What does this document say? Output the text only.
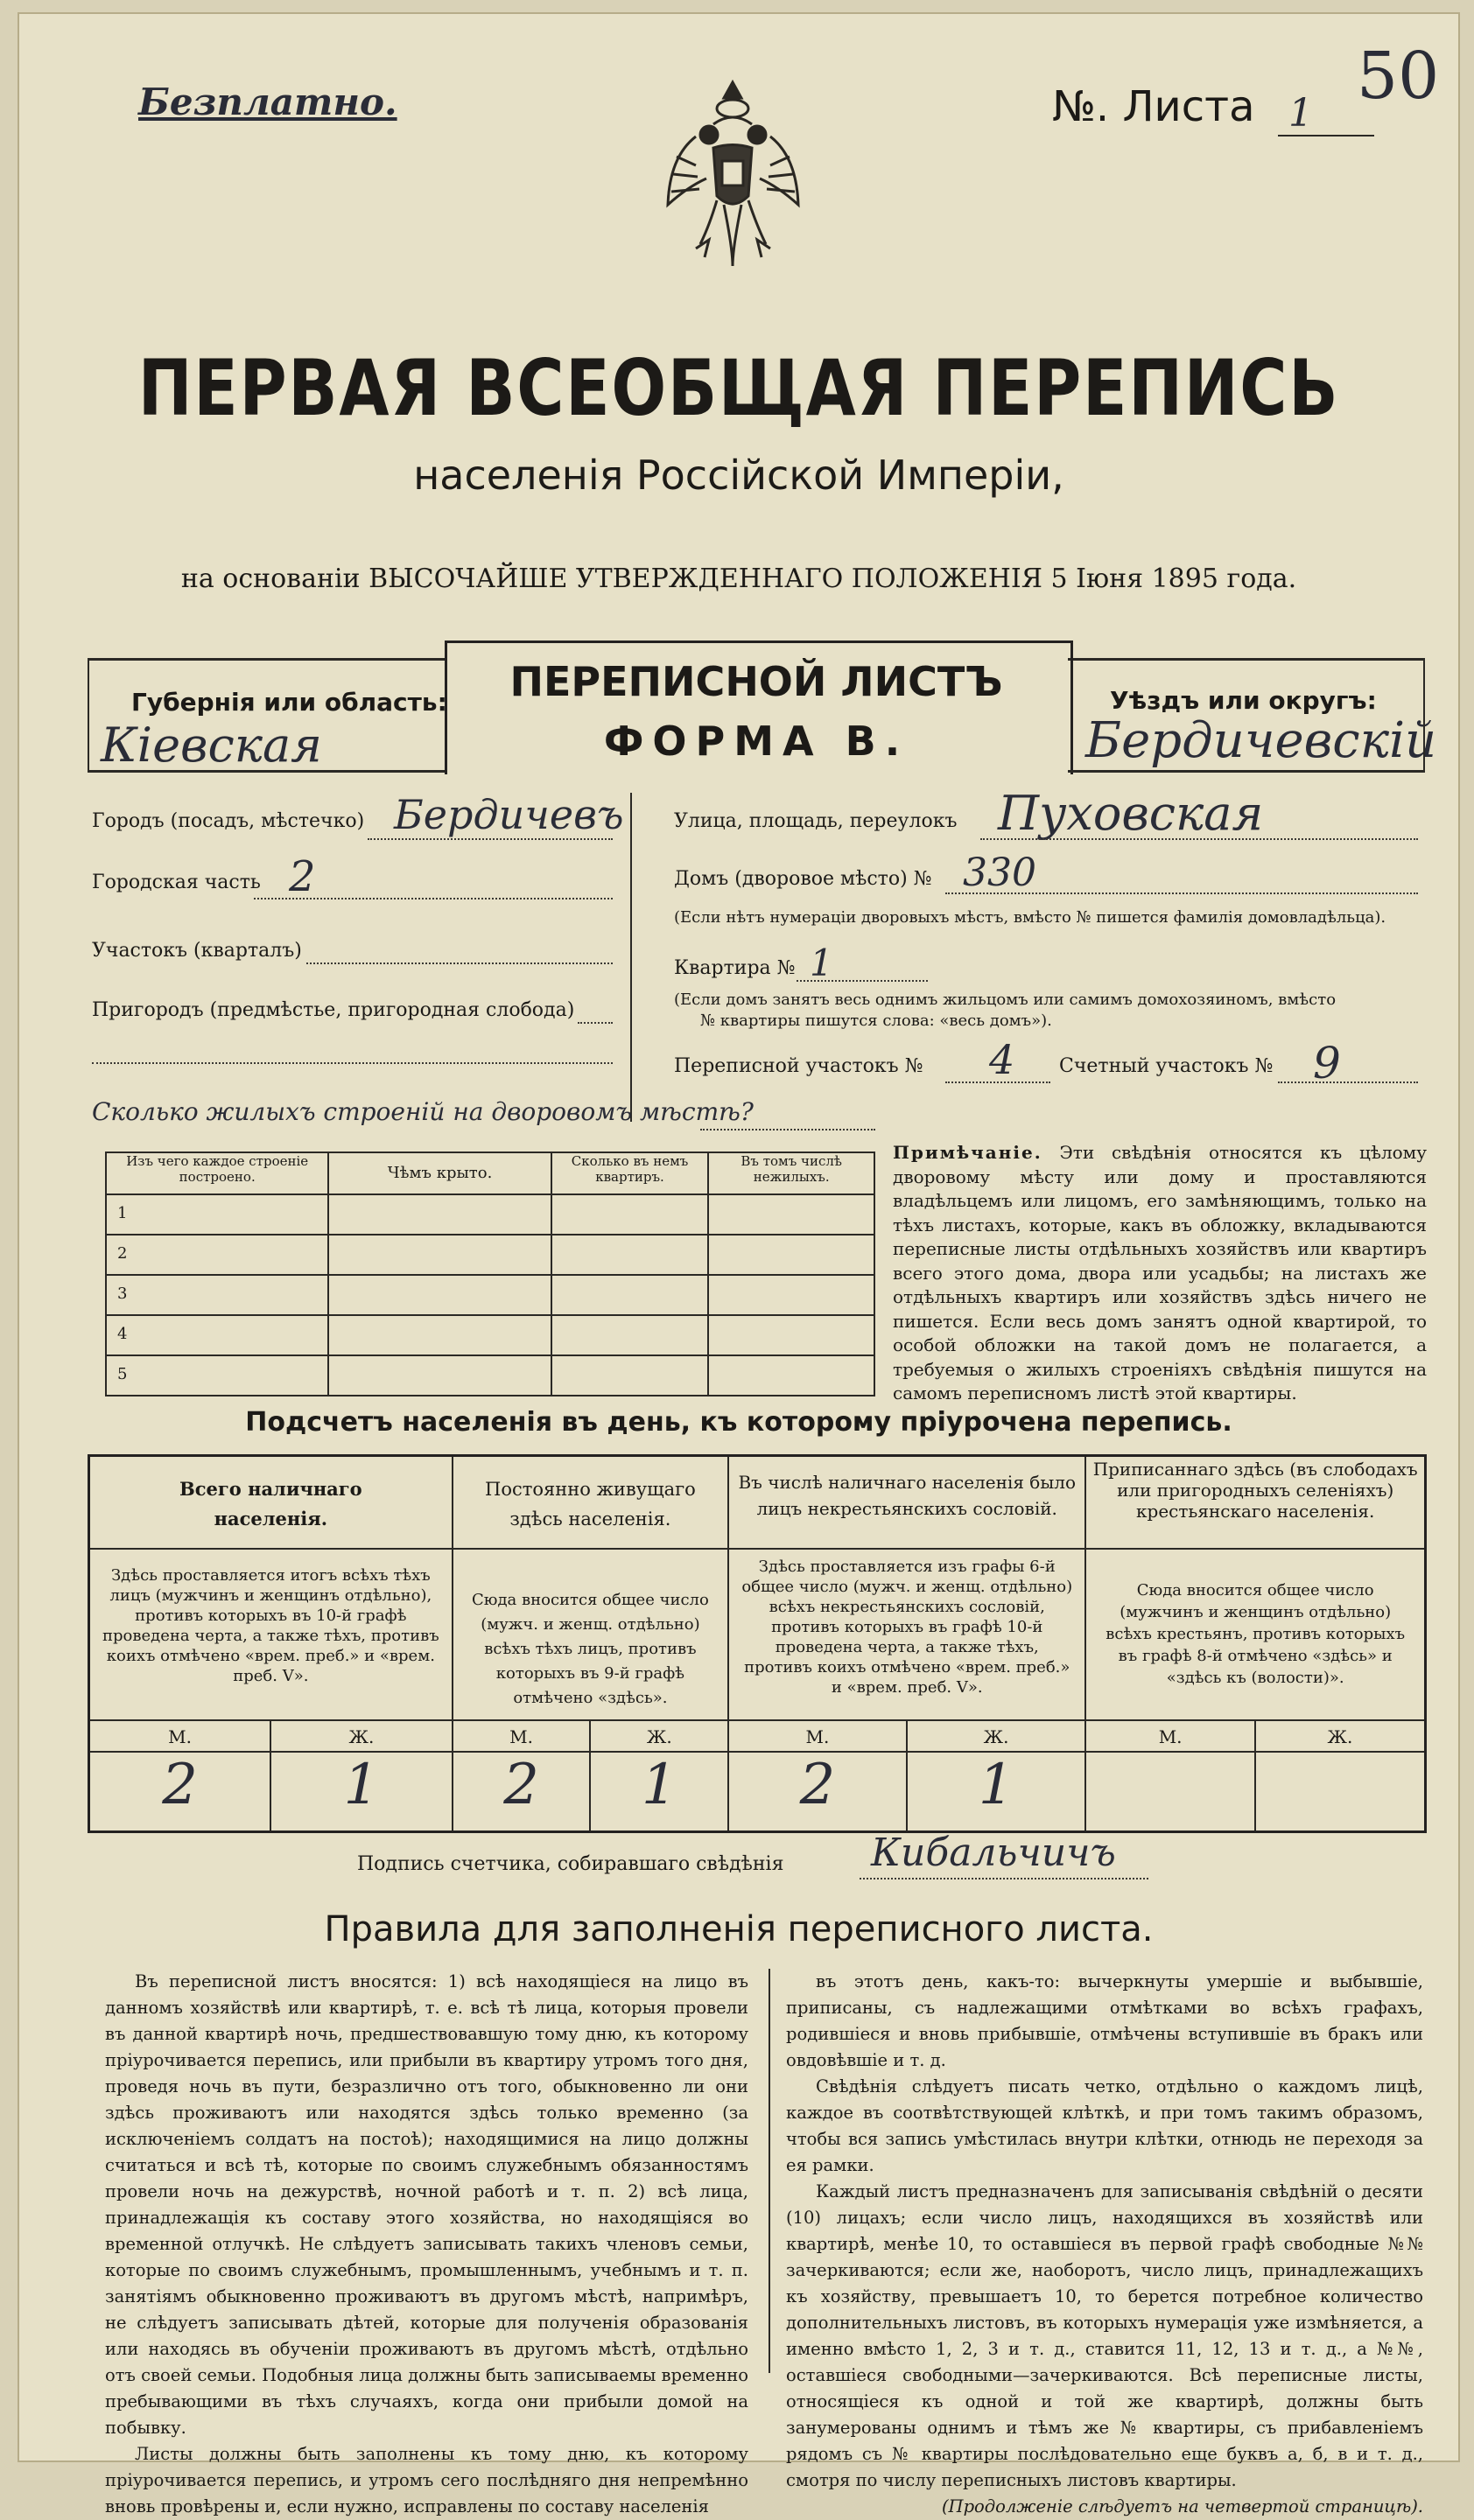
Безплатно.	№. Листа 1 50
ПЕРВАЯ ВСЕОБЩАЯ ПЕРЕПИСЬ
населенія Россійской Имперіи,
на основаніи ВЫСОЧАЙШЕ УТВЕРЖДЕННАГО ПОЛОЖЕНІЯ 5 Іюня 1895 года.
ПЕРЕПИСНОЙ ЛИСТЪ
ФОРМА В.
Губернія или область:
Кіевская
Уѣздъ или округъ:
Бердичевскій
Городъ (посадъ, мѣстечко) Бердичевъ
Городская часть 2
Участокъ (кварталъ)
Пригородъ (предмѣстье, пригородная слобода)
Улица, площадь, переулокъ Пуховская
Домъ (дворовое мѣсто) № 330
(Если нѣтъ нумераціи дворовыхъ мѣстъ, вмѣсто № пишется фамилія домовладѣльца).
Квартира № 1
(Если домъ занятъ весь однимъ жильцомъ или самимъ домохозяиномъ, вмѣсто
№ квартиры пишутся слова: «весь домъ»).
Переписной участокъ № 4 Счетный участокъ № 9
Сколько жилыхъ строеній на дворовомъ мѣстѣ?
Изъ чего каждое строеніе построено.	Чѣмъ крыто.	Сколько въ немъ квартиръ.	Въ томъ числѣ нежилыхъ.
1			
2			
3			
4			
5			
Примѣчаніе. Эти свѣдѣнія относятся къ цѣлому дворовому мѣсту или дому и проставляются владѣльцемъ или лицомъ, его замѣняющимъ, только на тѣхъ листахъ, которые, какъ въ обложку, вкладываются переписные листы отдѣльныхъ хозяйствъ или квартиръ всего этого дома, двора или усадьбы; на листахъ же отдѣльныхъ квартиръ или хозяйствъ здѣсь ничего не пишется. Если весь домъ занятъ одной квартирой, то особой обложки на такой домъ не полагается, а требуемыя о жилыхъ строеніяхъ свѣдѣнія пишутся на самомъ переписномъ листѣ этой квартиры.
Подсчетъ населенія въ день, къ которому пріурочена перепись.
Всего наличнаго населенія.		Постоянно живущаго здѣсь населенія.		Въ числѣ наличнаго населенія было лицъ некрестьянскихъ сословій.		Приписаннаго здѣсь (въ слободахъ или пригородныхъ селеніяхъ) крестьянскаго населенія.	
Здѣсь проставляется итогъ всѣхъ тѣхъ лицъ (мужчинъ и женщинъ отдѣльно), противъ которыхъ въ 10-й графѣ проведена черта, а также тѣхъ, противъ коихъ отмѣчено «врем. преб.» и «врем. преб. V».		Сюда вносится общее число (мужч. и женщ. отдѣльно) всѣхъ тѣхъ лицъ, противъ которыхъ въ 9-й графѣ отмѣчено «здѣсь».		Здѣсь проставляется изъ графы 6-й общее число (мужч. и женщ. отдѣльно) всѣхъ некрестьянскихъ сословій, противъ которыхъ въ графѣ 10-й проведена черта, а также тѣхъ, противъ коихъ отмѣчено «врем. преб.» и «врем. преб. V».		Сюда вносится общее число (мужчинъ и женщинъ отдѣльно) всѣхъ крестьянъ, противъ которыхъ въ графѣ 8-й отмѣчено «здѣсь» и «здѣсь къ (волости)».	
М.	Ж.	М.	Ж.	М.	Ж.	М.	Ж.
2	1	2	1	2	1		
Подпись счетчика, собиравшаго свѣдѣнія Кибальчичъ
Правила для заполненія переписного листа.

Въ переписной листъ вносятся: 1) всѣ находящіеся на лицо въ данномъ хозяйствѣ или квартирѣ, т. е. всѣ тѣ лица, которыя провели въ данной квартирѣ ночь, предшествовавшую тому дню, къ которому пріурочивается перепись, или прибыли въ квартиру утромъ того дня, проведя ночь въ пути, безразлично отъ того, обыкновенно ли они здѣсь проживаютъ или находятся здѣсь только временно (за исключеніемъ солдатъ на постоѣ); находящимися на лицо должны считаться и всѣ тѣ, которые по своимъ служебнымъ обязанностямъ провели ночь на дежурствѣ, ночной работѣ и т. п. 2) всѣ лица, принадлежащія къ составу этого хозяйства, но находящіяся во временной отлучкѣ. Не слѣдуетъ записывать такихъ членовъ семьи, которые по своимъ служебнымъ, промышленнымъ, учебнымъ и т. п. занятіямъ обыкновенно проживаютъ въ другомъ мѣстѣ, напримѣръ, не слѣдуетъ записывать дѣтей, которые для полученія образованія или находясь въ обученіи проживаютъ въ другомъ мѣстѣ, отдѣльно отъ своей семьи. Подобныя лица должны быть записываемы временно пребывающими въ тѣхъ случаяхъ, когда они прибыли домой на побывку.

Листы должны быть заполнены къ тому дню, къ которому пріурочивается перепись, и утромъ сего послѣдняго дня непремѣнно вновь провѣрены и, если нужно, исправлены по составу населенія

въ этотъ день, какъ-то: вычеркнуты умершіе и выбывшіе, приписаны, съ надлежащими отмѣтками во всѣхъ графахъ, родившіеся и вновь прибывшіе, отмѣчены вступившіе въ бракъ или овдовѣвшіе и т. д.

Свѣдѣнія слѣдуетъ писать четко, отдѣльно о каждомъ лицѣ, каждое въ соотвѣтствующей клѣткѣ, и при томъ такимъ образомъ, чтобы вся запись умѣстилась внутри клѣтки, отнюдь не переходя за ея рамки.

Каждый листъ предназначенъ для записыванія свѣдѣній о десяти (10) лицахъ; если число лицъ, находящихся въ хозяйствѣ или квартирѣ, менѣе 10, то оставшіеся въ первой графѣ свободные №№ зачеркиваются; если же, наоборотъ, число лицъ, принадлежащихъ къ хозяйству, превышаетъ 10, то берется потребное количество дополнительныхъ листовъ, въ которыхъ нумерація уже измѣняется, а именно вмѣсто 1, 2, 3 и т. д., ставится 11, 12, 13 и т. д., а №№, оставшіеся свободными—зачеркиваются. Всѣ переписные листы, относящіеся къ одной и той же квартирѣ, должны быть занумерованы однимъ и тѣмъ же № квартиры, съ прибавленіемъ рядомъ съ № квартиры послѣдовательно еще буквъ а, б, в и т. д., смотря по числу переписныхъ листовъ квартиры.

(Продолженіе слѣдуетъ на четвертой страницѣ).
